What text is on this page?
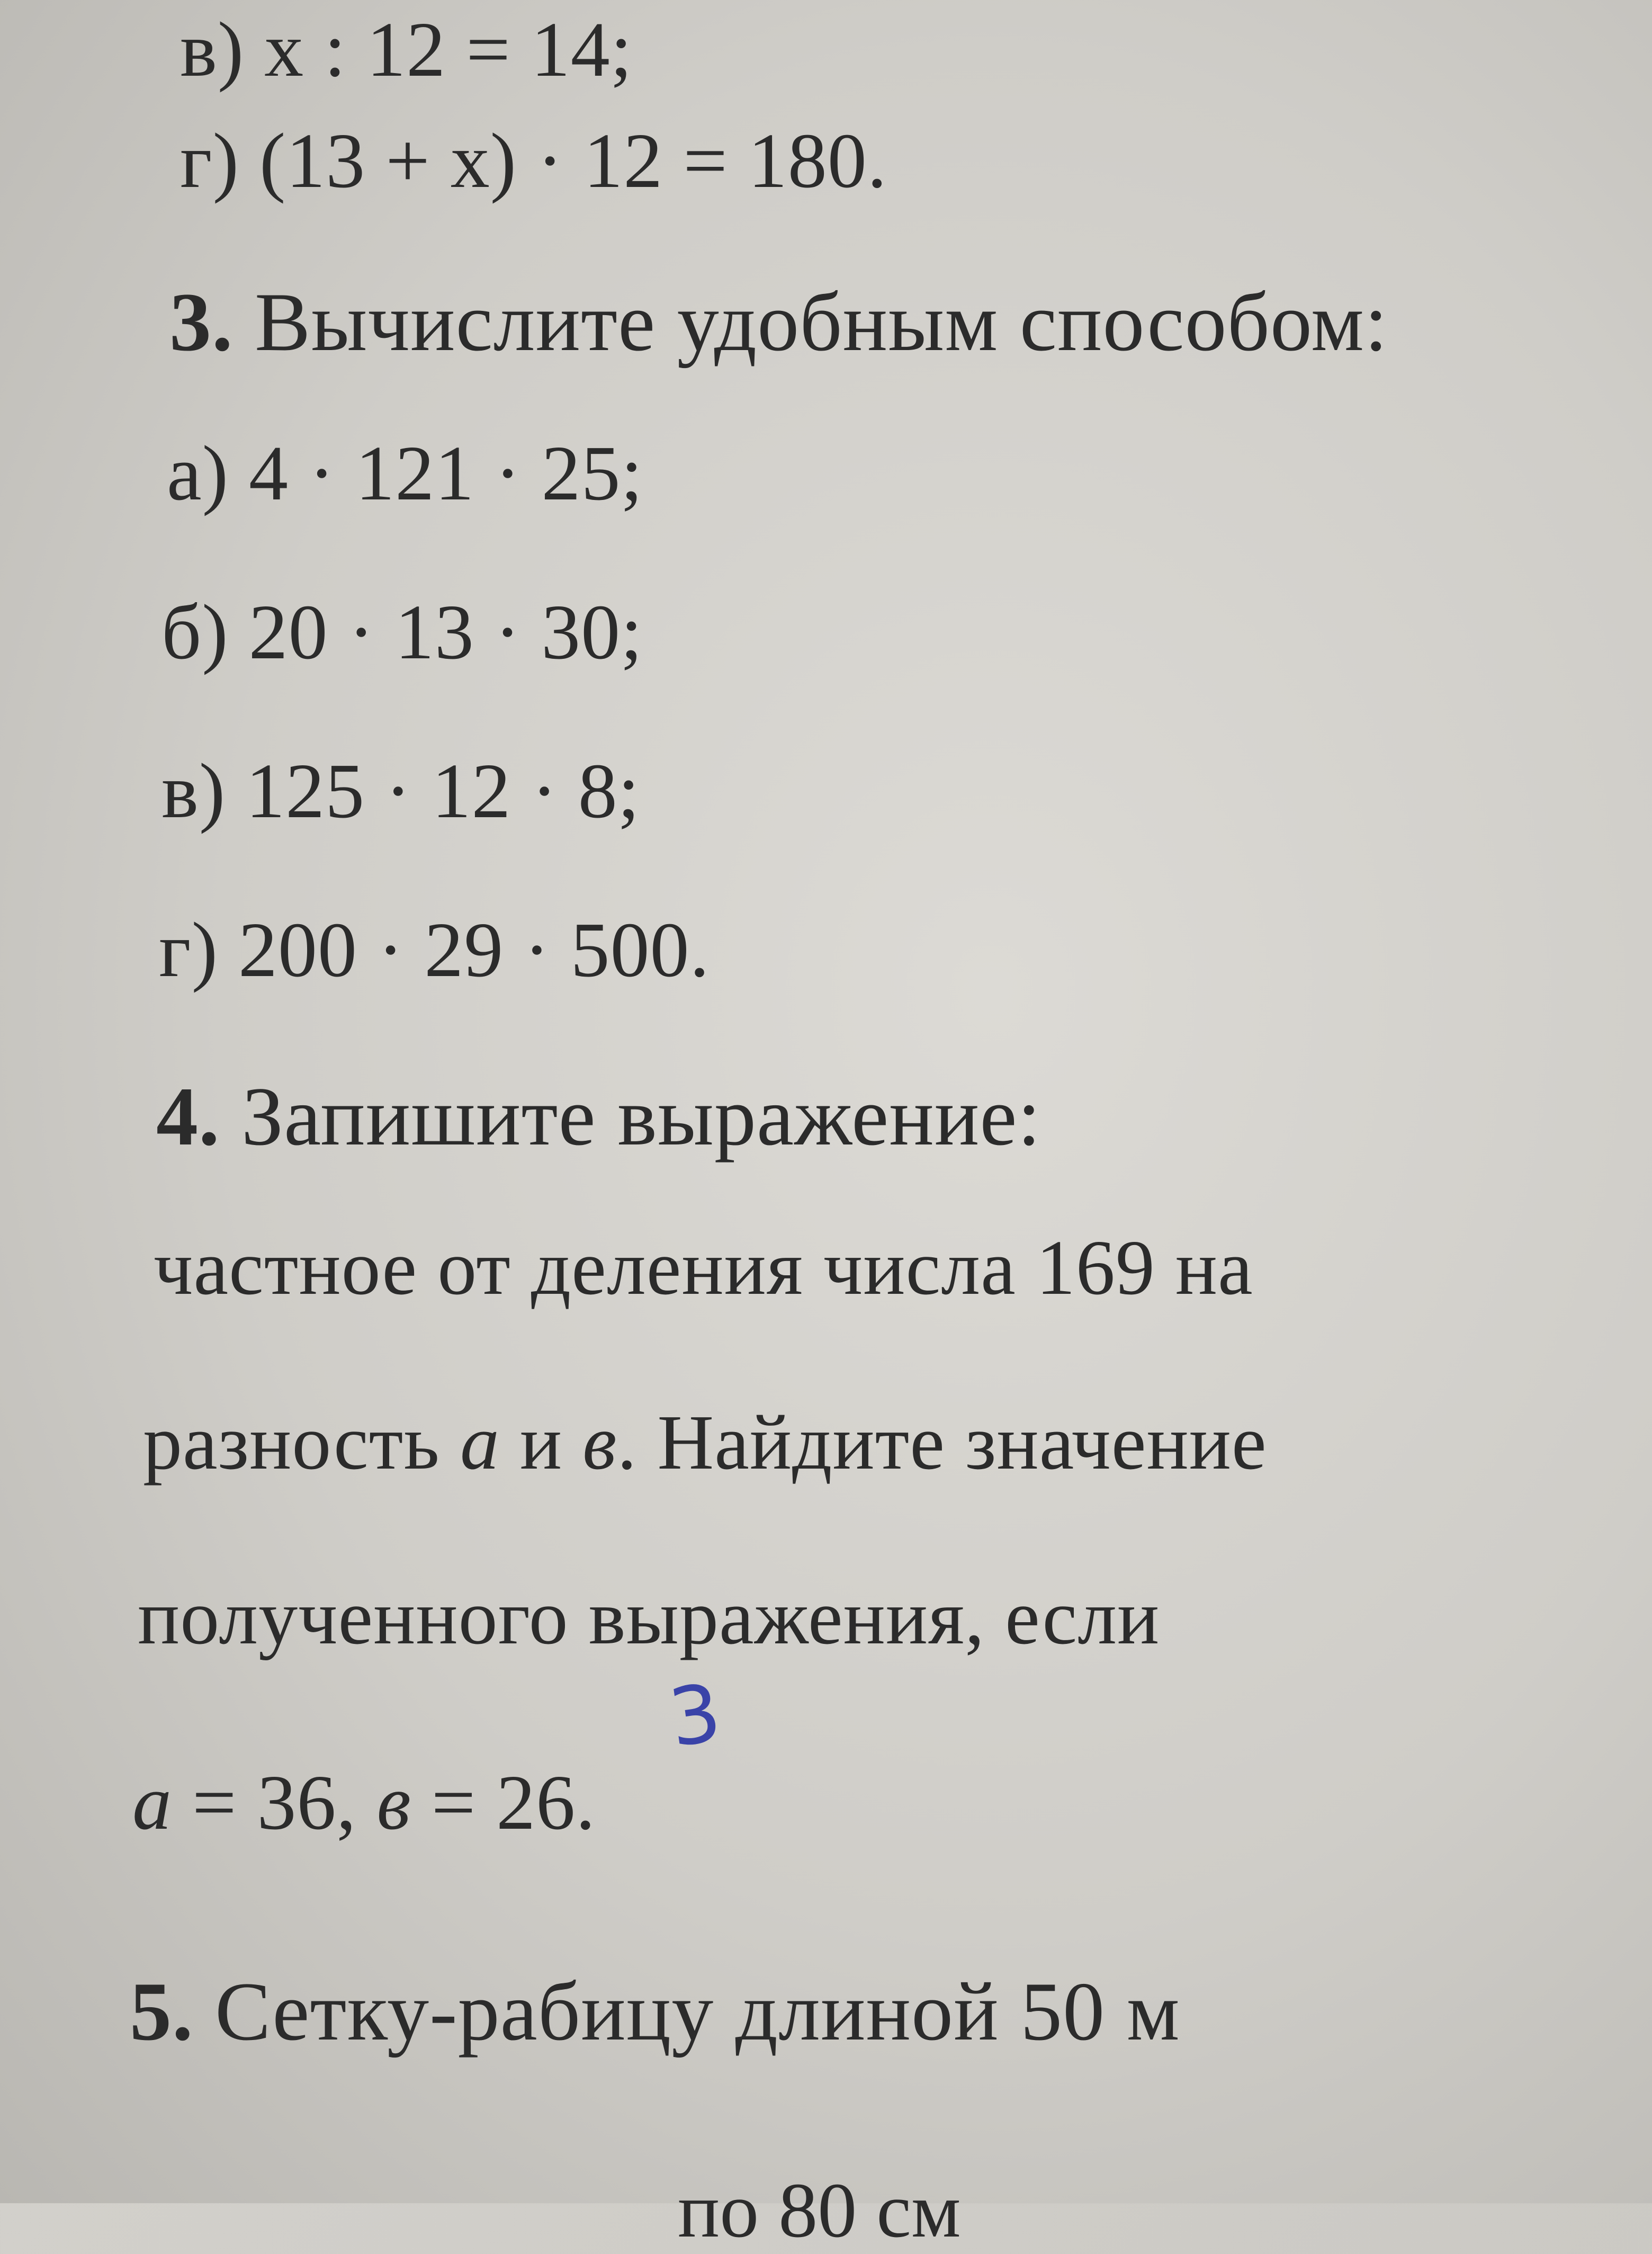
в) x : 12 = 14;
г) (13 + x) · 12 = 180.
3. Вычислите удобным способом:
а) 4 · 121 · 25;
б) 20 · 13 · 30;
в) 125 · 12 · 8;
г) 200 · 29 · 500.
4. Запишите выражение:
частное от деления числа 169 на
разность a и в. Найдите значение
полученного выражения, если
a = 36, в = 26.
3
5. Сетку-рабицу длиной 50 м
по 80 см
